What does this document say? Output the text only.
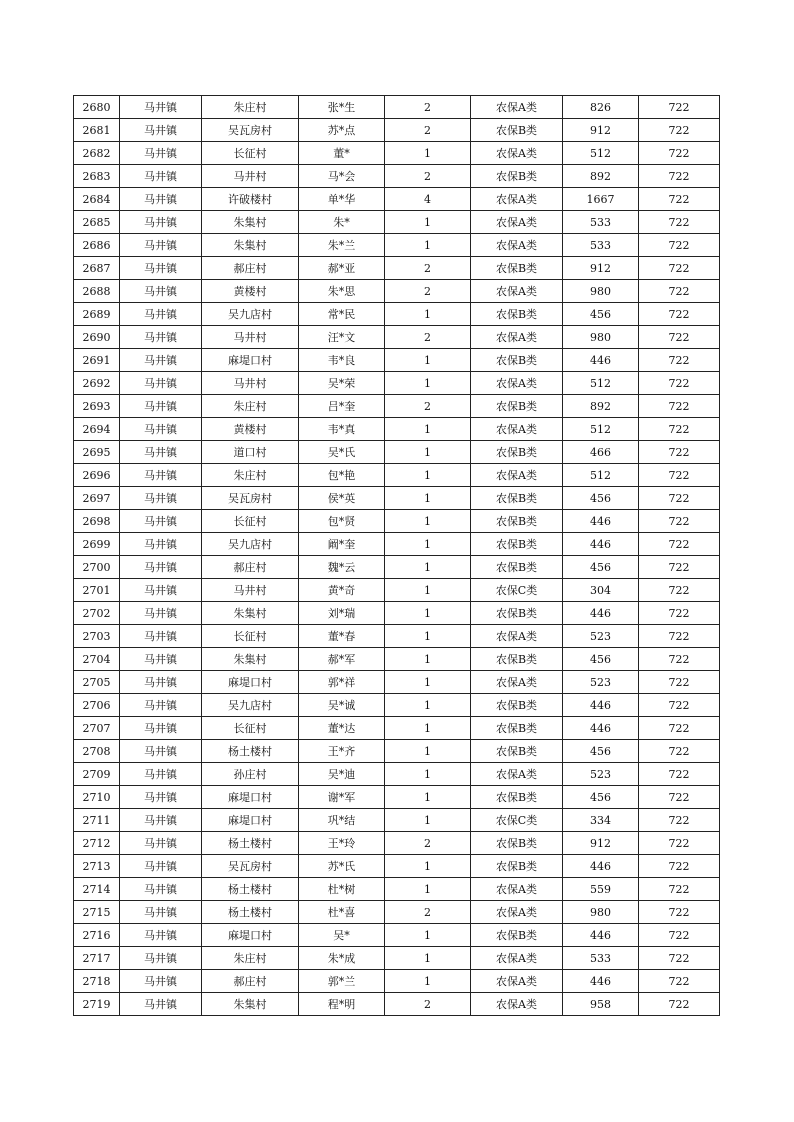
2680	马井镇	朱庄村	张*生	2	农保A类	826	722
2681	马井镇	吴瓦房村	苏*点	2	农保B类	912	722
2682	马井镇	长征村	董*	1	农保A类	512	722
2683	马井镇	马井村	马*会	2	农保B类	892	722
2684	马井镇	许破楼村	单*华	4	农保A类	1667	722
2685	马井镇	朱集村	朱*	1	农保A类	533	722
2686	马井镇	朱集村	朱*兰	1	农保A类	533	722
2687	马井镇	郝庄村	郝*亚	2	农保B类	912	722
2688	马井镇	黄楼村	朱*思	2	农保A类	980	722
2689	马井镇	吴九店村	常*民	1	农保B类	456	722
2690	马井镇	马井村	汪*文	2	农保A类	980	722
2691	马井镇	麻堤口村	韦*良	1	农保B类	446	722
2692	马井镇	马井村	吴*荣	1	农保A类	512	722
2693	马井镇	朱庄村	吕*奎	2	农保B类	892	722
2694	马井镇	黄楼村	韦*真	1	农保A类	512	722
2695	马井镇	道口村	吴*氏	1	农保B类	466	722
2696	马井镇	朱庄村	包*艳	1	农保A类	512	722
2697	马井镇	吴瓦房村	侯*英	1	农保B类	456	722
2698	马井镇	长征村	包*贤	1	农保B类	446	722
2699	马井镇	吴九店村	阚*奎	1	农保B类	446	722
2700	马井镇	郝庄村	魏*云	1	农保B类	456	722
2701	马井镇	马井村	黄*奇	1	农保C类	304	722
2702	马井镇	朱集村	刘*瑞	1	农保B类	446	722
2703	马井镇	长征村	董*春	1	农保A类	523	722
2704	马井镇	朱集村	郝*军	1	农保B类	456	722
2705	马井镇	麻堤口村	郭*祥	1	农保A类	523	722
2706	马井镇	吴九店村	吴*诚	1	农保B类	446	722
2707	马井镇	长征村	董*达	1	农保B类	446	722
2708	马井镇	杨土楼村	王*齐	1	农保B类	456	722
2709	马井镇	孙庄村	吴*迪	1	农保A类	523	722
2710	马井镇	麻堤口村	谢*军	1	农保B类	456	722
2711	马井镇	麻堤口村	巩*结	1	农保C类	334	722
2712	马井镇	杨土楼村	王*玲	2	农保B类	912	722
2713	马井镇	吴瓦房村	苏*氏	1	农保B类	446	722
2714	马井镇	杨土楼村	杜*树	1	农保A类	559	722
2715	马井镇	杨土楼村	杜*喜	2	农保A类	980	722
2716	马井镇	麻堤口村	吴*	1	农保B类	446	722
2717	马井镇	朱庄村	朱*成	1	农保A类	533	722
2718	马井镇	郝庄村	郭*兰	1	农保A类	446	722
2719	马井镇	朱集村	程*明	2	农保A类	958	722
